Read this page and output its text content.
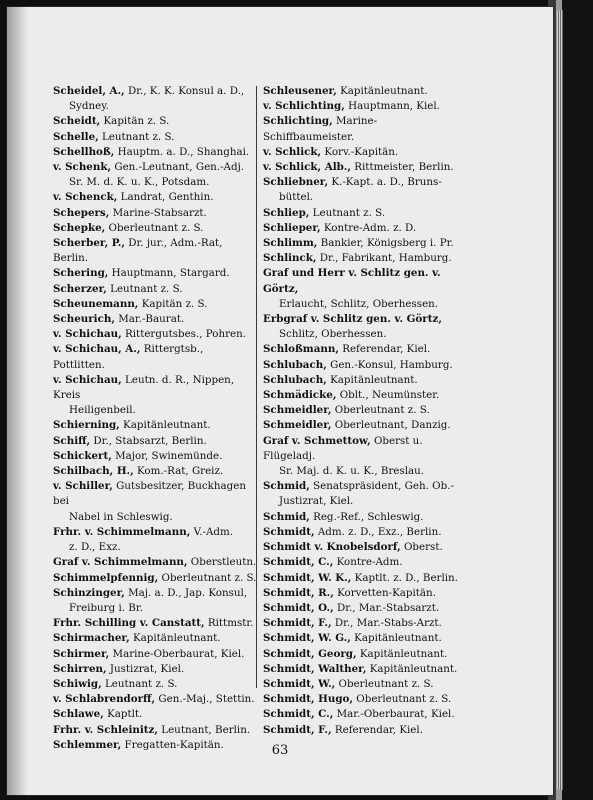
Scheidel, A., Dr., K. K. Konsul a. D.,
Sydney.
Scheidt, Kapitän z. S.
Schelle, Leutnant z. S.
Schellhoß, Hauptm. a. D., Shanghai.
v. Schenk, Gen.-Leutnant, Gen.-Adj.
Sr. M. d. K. u. K., Potsdam.
v. Schenck, Landrat, Genthin.
Schepers, Marine-Stabsarzt.
Schepke, Oberleutnant z. S.
Scherber, P., Dr. jur., Adm.-Rat, Berlin.
Schering, Hauptmann, Stargard.
Scherzer, Leutnant z. S.
Scheunemann, Kapitän z. S.
Scheurich, Mar.-Baurat.
v. Schichau, Rittergutsbes., Pohren.
v. Schichau, A., Rittergtsb., Pottlitten.
v. Schichau, Leutn. d. R., Nippen, Kreis
Heiligenbeil.
Schierning, Kapitänleutnant.
Schiff, Dr., Stabsarzt, Berlin.
Schickert, Major, Swinemünde.
Schilbach, H., Kom.-Rat, Greiz.
v. Schiller, Gutsbesitzer, Buckhagen bei
Nabel in Schleswig.
Frhr. v. Schimmelmann, V.-Adm.
z. D., Exz.
Graf v. Schimmelmann, Oberstleutn.
Schimmelpfennig, Oberleutnant z. S.
Schinzinger, Maj. a. D., Jap. Konsul,
Freiburg i. Br.
Frhr. Schilling v. Canstatt, Rittmstr.
Schirmacher, Kapitänleutnant.
Schirmer, Marine-Oberbaurat, Kiel.
Schirren, Justizrat, Kiel.
Schiwig, Leutnant z. S.
v. Schlabrendorff, Gen.-Maj., Stettin.
Schlawe, Kaptlt.
Frhr. v. Schleinitz, Leutnant, Berlin.
Schlemmer, Fregatten-Kapitän.
Schleusener, Kapitänleutnant.
v. Schlichting, Hauptmann, Kiel.
Schlichting, Marine-Schiffbaumeister.
v. Schlick, Korv.-Kapitän.
v. Schlick, Alb., Rittmeister, Berlin.
Schliebner, K.-Kapt. a. D., Bruns-
büttel.
Schliep, Leutnant z. S.
Schlieper, Kontre-Adm. z. D.
Schlimm, Bankier, Königsberg i. Pr.
Schlinck, Dr., Fabrikant, Hamburg.
Graf und Herr v. Schlitz gen. v. Görtz,
Erlaucht, Schlitz, Oberhessen.
Erbgraf v. Schlitz gen. v. Görtz,
Schlitz, Oberhessen.
Schloßmann, Referendar, Kiel.
Schlubach, Gen.-Konsul, Hamburg.
Schlubach, Kapitänleutnant.
Schmädicke, Oblt., Neumünster.
Schmeidler, Oberleutnant z. S.
Schmeidler, Oberleutnant, Danzig.
Graf v. Schmettow, Oberst u. Flügeladj.
Sr. Maj. d. K. u. K., Breslau.
Schmid, Senatspräsident, Geh. Ob.-
Justizrat, Kiel.
Schmid, Reg.-Ref., Schleswig.
Schmidt, Adm. z. D., Exz., Berlin.
Schmidt v. Knobelsdorf, Oberst.
Schmidt, C., Kontre-Adm.
Schmidt, W. K., Kaptlt. z. D., Berlin.
Schmidt, R., Korvetten-Kapitän.
Schmidt, O., Dr., Mar.-Stabsarzt.
Schmidt, F., Dr., Mar.-Stabs-Arzt.
Schmidt, W. G., Kapitänleutnant.
Schmidt, Georg, Kapitänleutnant.
Schmidt, Walther, Kapitänleutnant.
Schmidt, W., Oberleutnant z. S.
Schmidt, Hugo, Oberleutnant z. S.
Schmidt, C., Mar.-Oberbaurat, Kiel.
Schmidt, F., Referendar, Kiel.
63
